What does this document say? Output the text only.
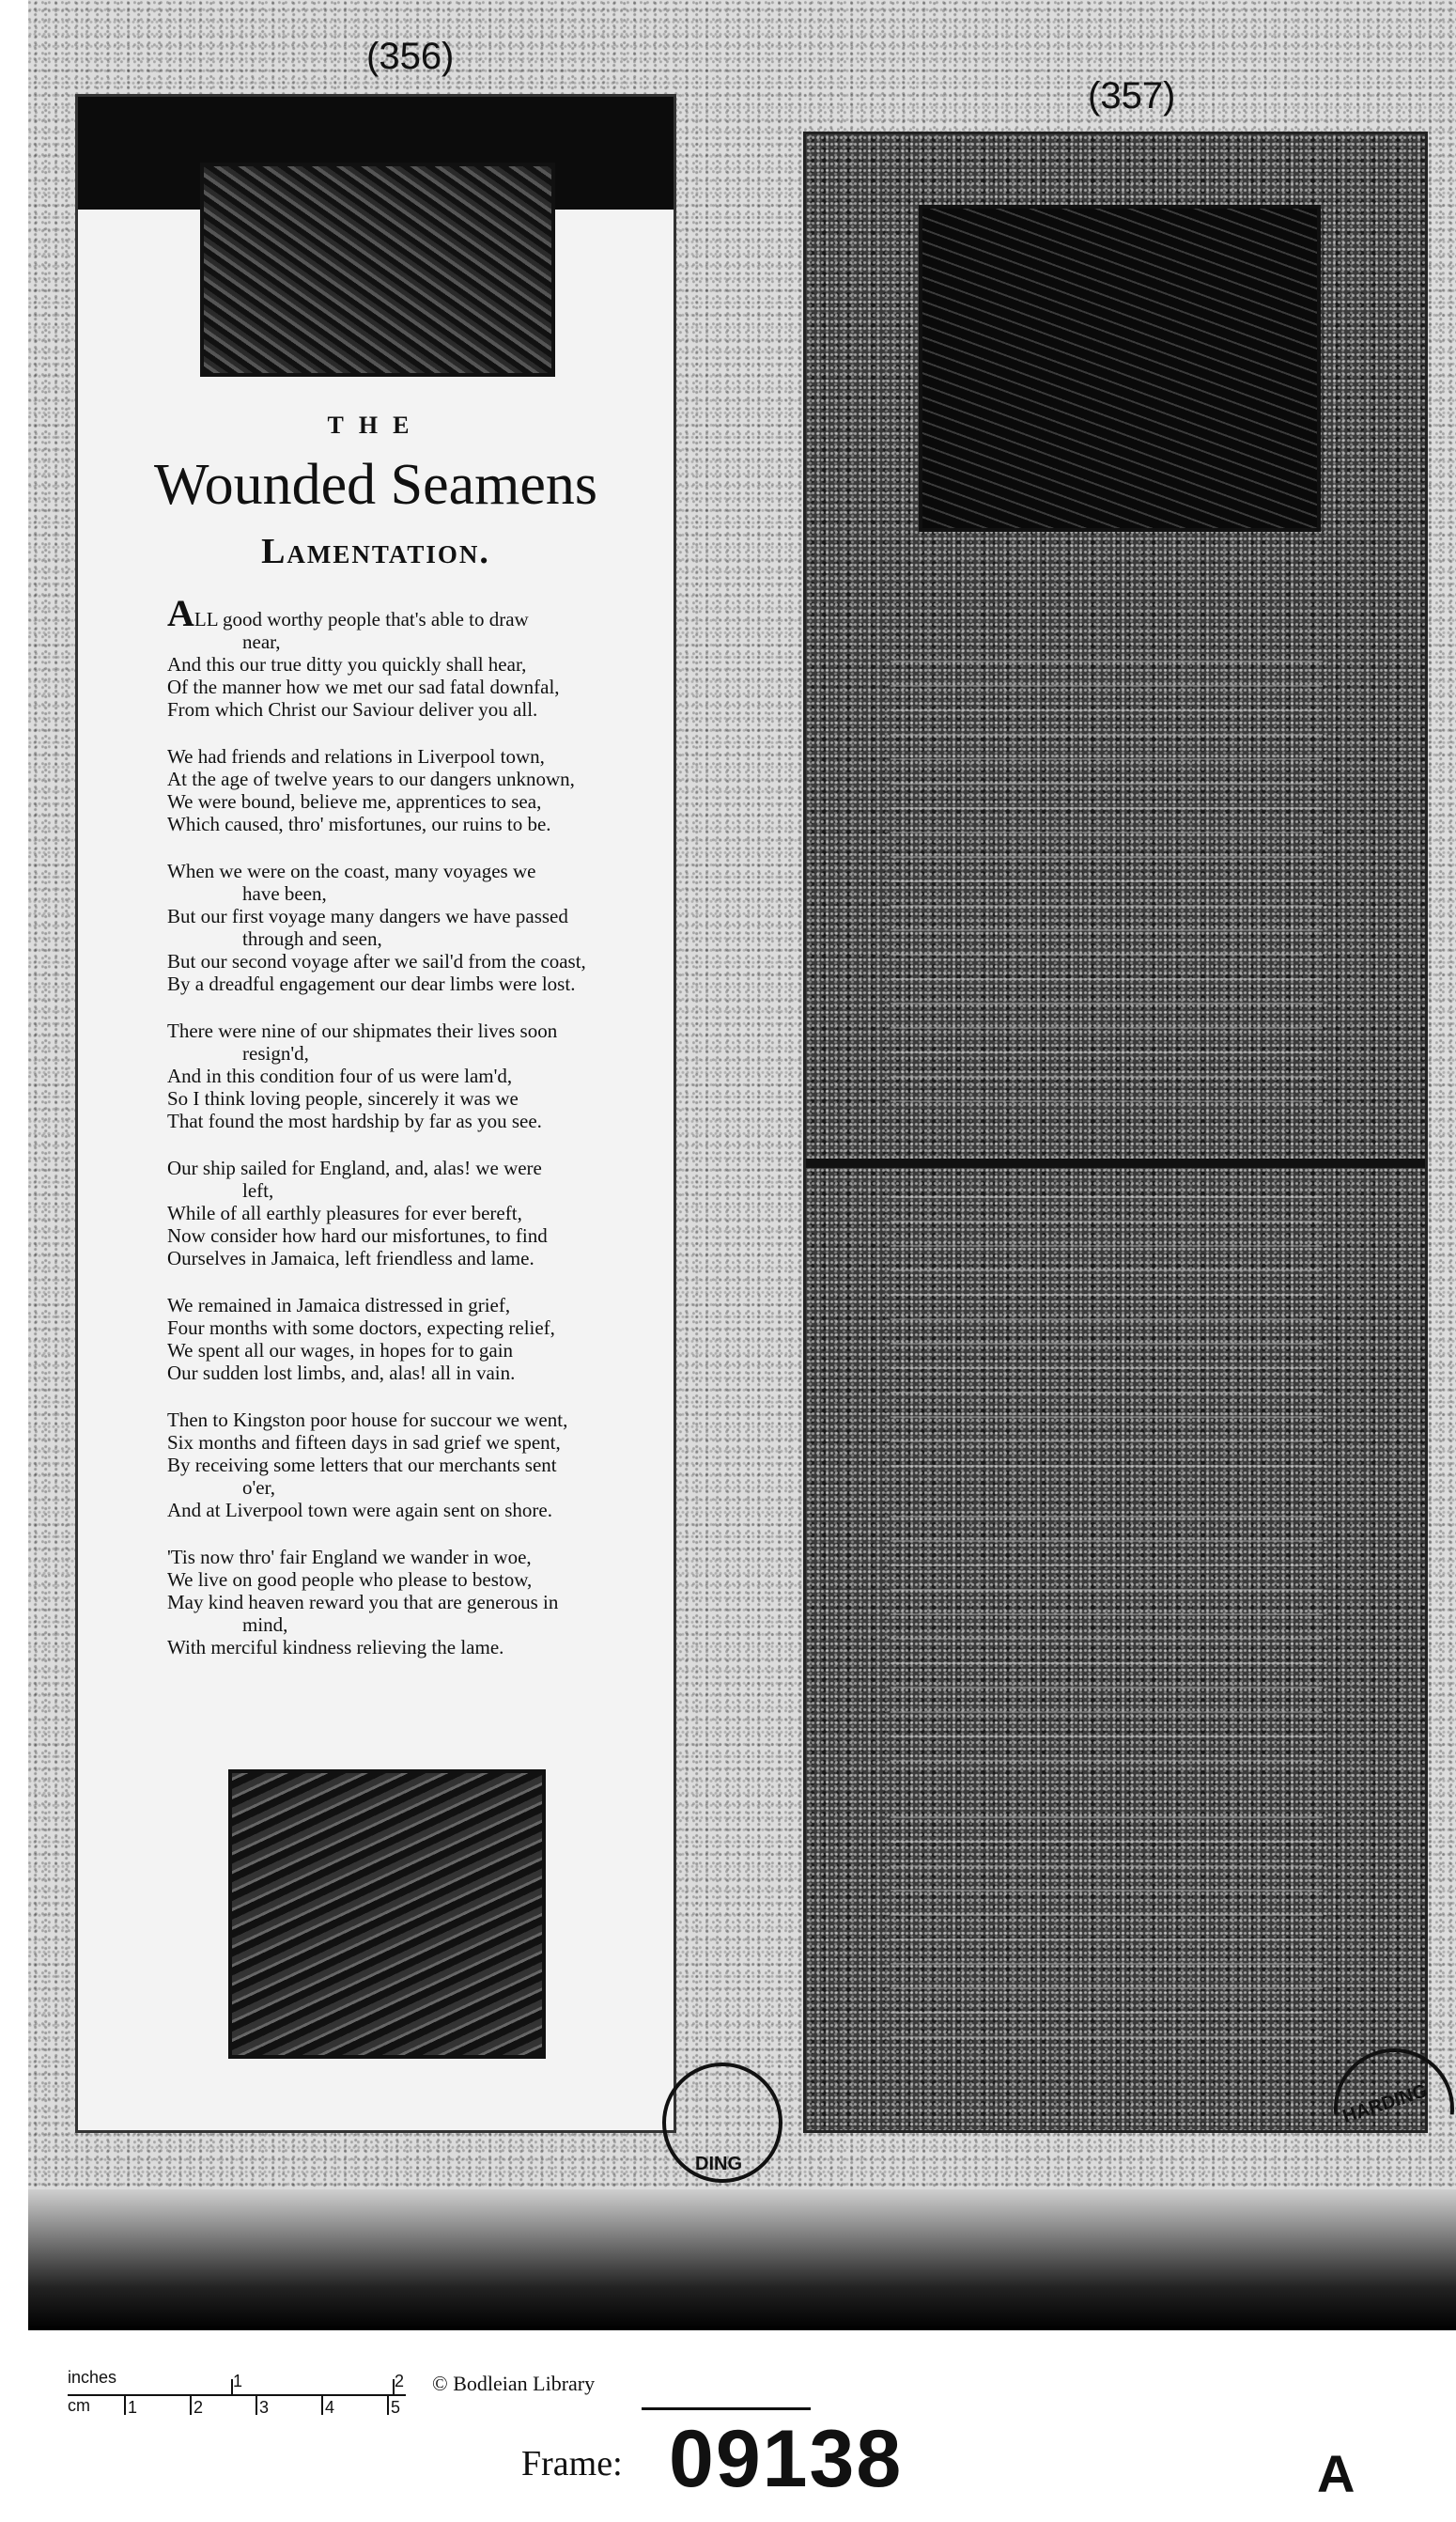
(356)
(357)
THE
Wounded Seamens
Lamentation.
ALL good worthy people that's able to draw
near,
And this our true ditty you quickly shall hear,
Of the manner how we met our sad fatal downfal,
From which Christ our Saviour deliver you all.
We had friends and relations in Liverpool town,
At the age of twelve years to our dangers unknown,
We were bound, believe me, apprentices to sea,
Which caused, thro' misfortunes, our ruins to be.
When we were on the coast, many voyages we
have been,
But our first voyage many dangers we have passed
through and seen,
But our second voyage after we sail'd from the coast,
By a dreadful engagement our dear limbs were lost.
There were nine of our shipmates their lives soon
resign'd,
And in this condition four of us were lam'd,
So I think loving people, sincerely it was we
That found the most hardship by far as you see.
Our ship sailed for England, and, alas! we were
left,
While of all earthly pleasures for ever bereft,
Now consider how hard our misfortunes, to find
Ourselves in Jamaica, left friendless and lame.
We remained in Jamaica distressed in grief,
Four months with some doctors, expecting relief,
We spent all our wages, in hopes for to gain
Our sudden lost limbs, and, alas! all in vain.
Then to Kingston poor house for succour we went,
Six months and fifteen days in sad grief we spent,
By receiving some letters that our merchants sent
o'er,
And at Liverpool town were again sent on shore.
'Tis now thro' fair England we wander in woe,
We live on good people who please to bestow,
May kind heaven reward you that are generous in
mind,
With merciful kindness relieving the lame.
DING
HARDING
inches	1	2
cm 1	2	3	4	5
© Bodleian Library
Frame: 09138	A
